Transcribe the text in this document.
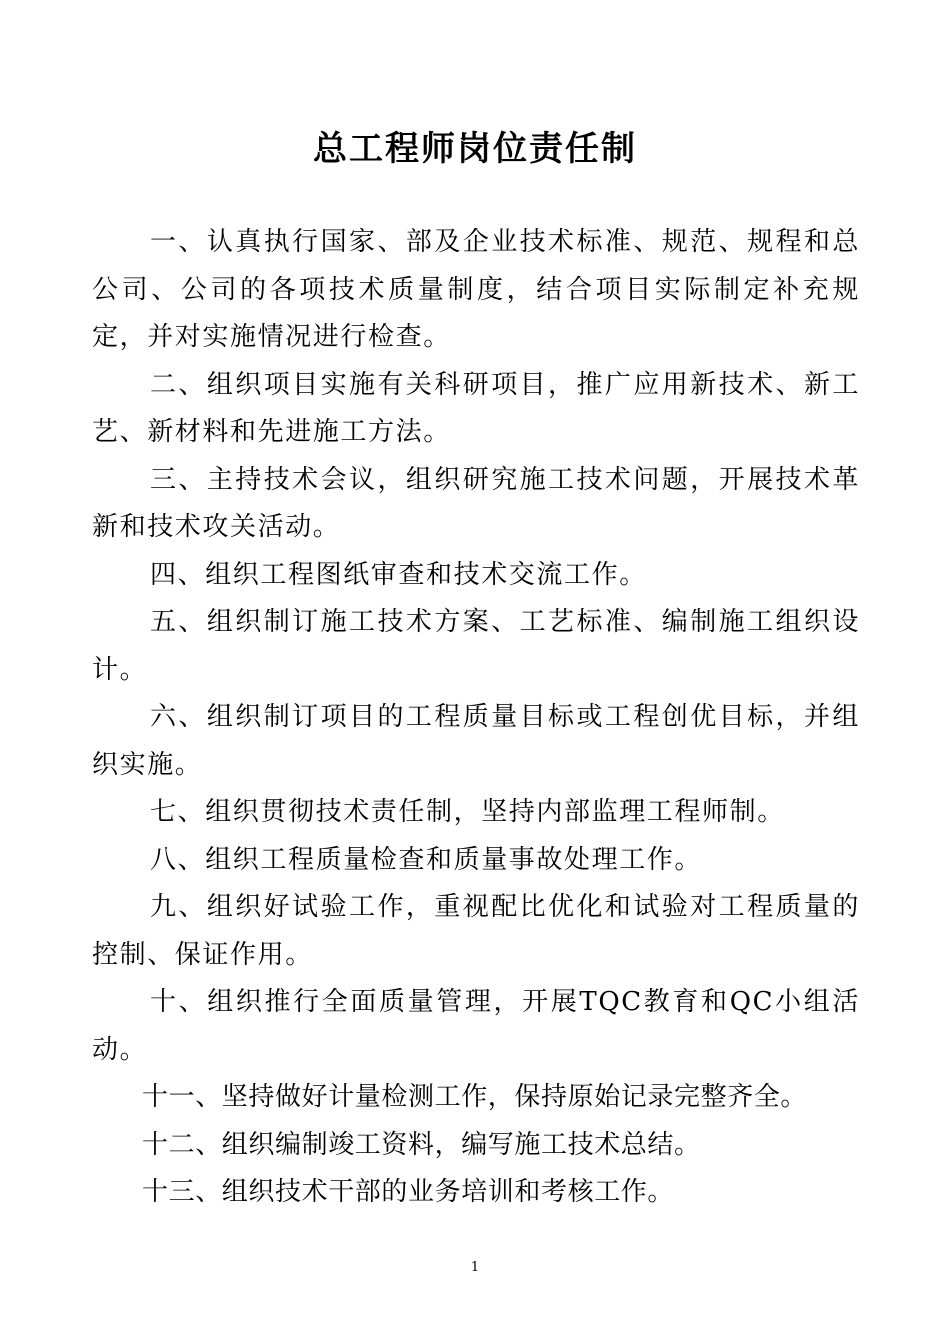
总工程师岗位责任制

一、认真执行国家、部及企业技术标准、规范、规程和总公司、公司的各项技术质量制度，结合项目实际制定补充规定，并对实施情况进行检查。

二、组织项目实施有关科研项目，推广应用新技术、新工艺、新材料和先进施工方法。

三、主持技术会议，组织研究施工技术问题，开展技术革新和技术攻关活动。

四、组织工程图纸审查和技术交流工作。

五、组织制订施工技术方案、工艺标准、编制施工组织设计。

六、组织制订项目的工程质量目标或工程创优目标，并组织实施。

七、组织贯彻技术责任制，坚持内部监理工程师制。

八、组织工程质量检查和质量事故处理工作。

九、组织好试验工作，重视配比优化和试验对工程质量的控制、保证作用。

十、组织推行全面质量管理，开展TQC教育和QC小组活动。

十一、坚持做好计量检测工作，保持原始记录完整齐全。

十二、组织编制竣工资料，编写施工技术总结。

十三、组织技术干部的业务培训和考核工作。

1
